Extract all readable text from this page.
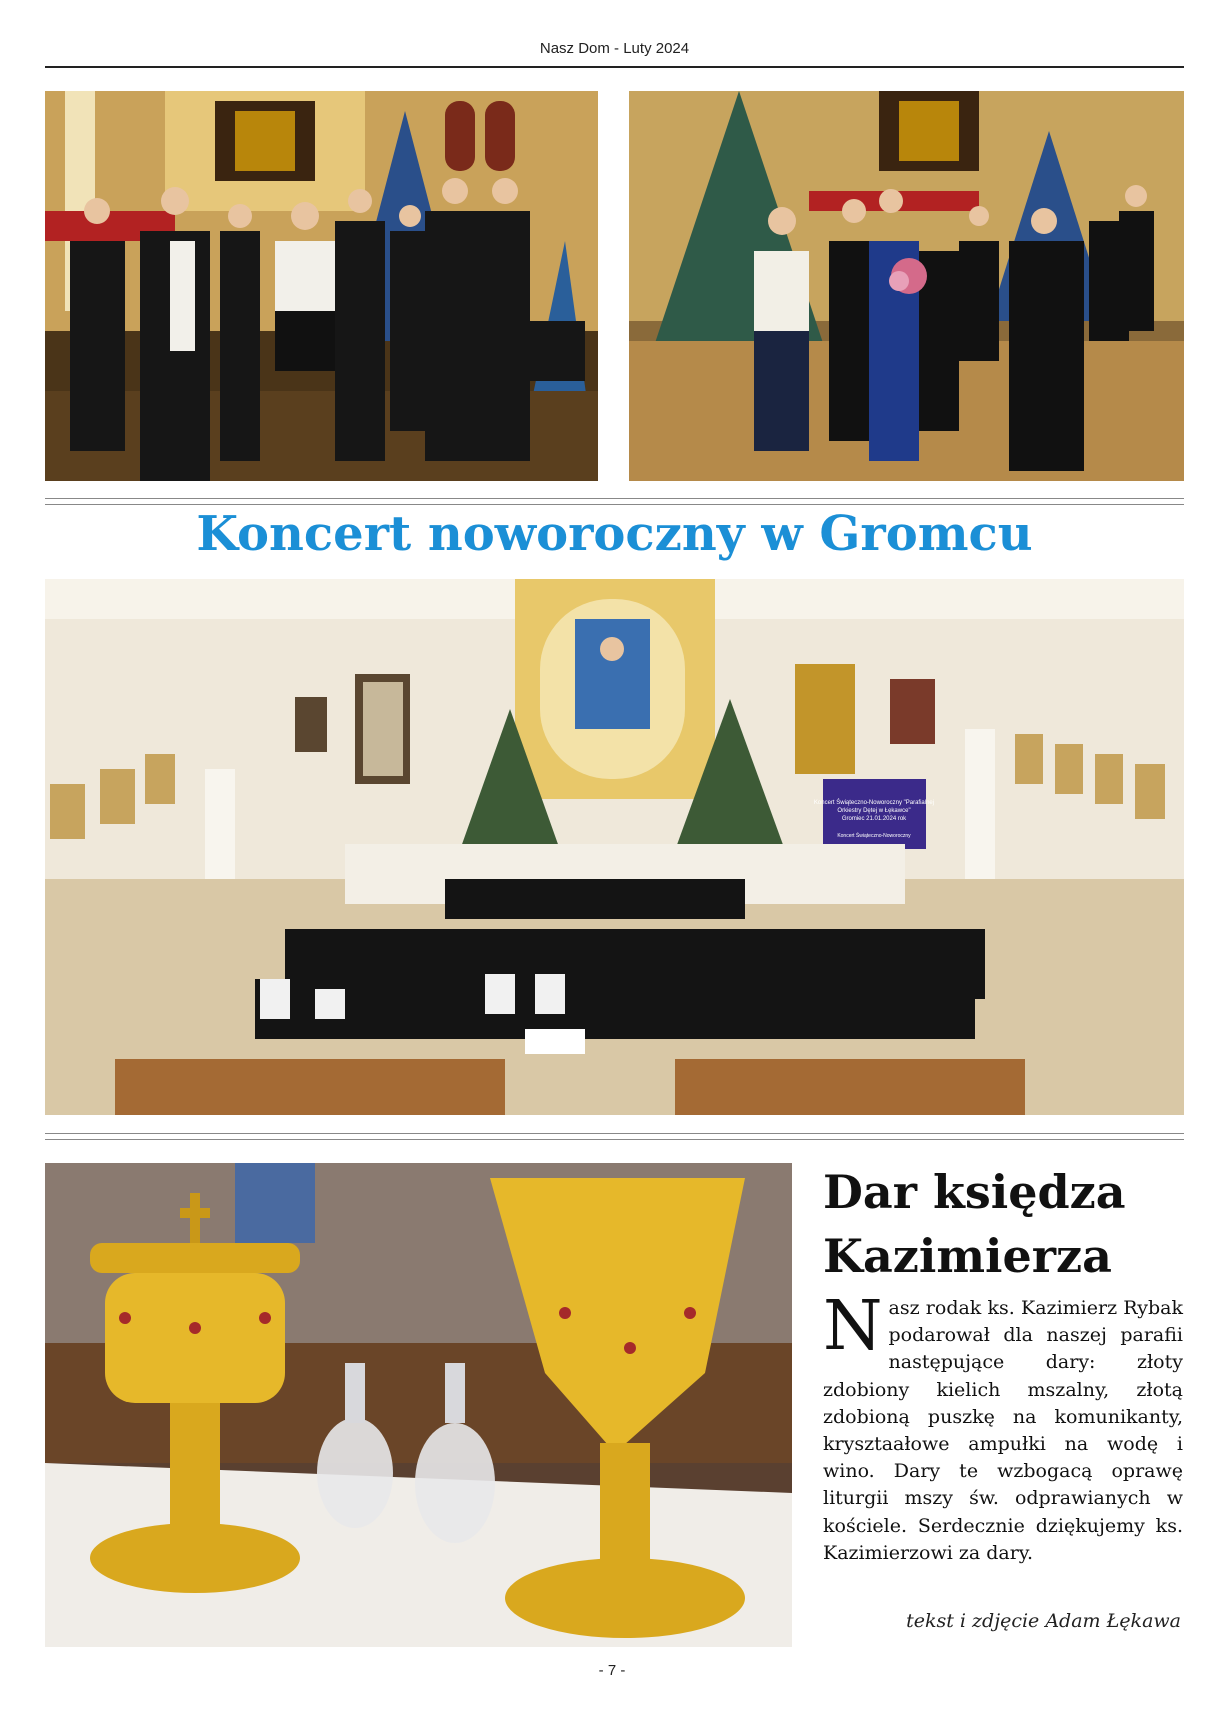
Nasz Dom - Luty 2024
Koncert noworoczny w Gromcu
Koncert Świąteczno-Noworoczny "Parafialnej
Orkiestry Dętej w Łękawce"
Gromiec 21.01.2024 rok
Koncert Świąteczno-Noworoczny
Dar księdza Kazimierza
Nasz rodak ks. Kazimierz Rybak podarował dla naszej parafii następujące dary: złoty zdobiony kielich mszalny, złotą zdobioną puszkę na komunikanty, krysztaałowe ampułki na wodę i wino. Dary te wzbogacą oprawę liturgii mszy św. odprawianych w kościele. Serdecznie dziękujemy ks. Kazimierzowi za dary.
tekst i zdjęcie Adam Łękawa
- 7 -
